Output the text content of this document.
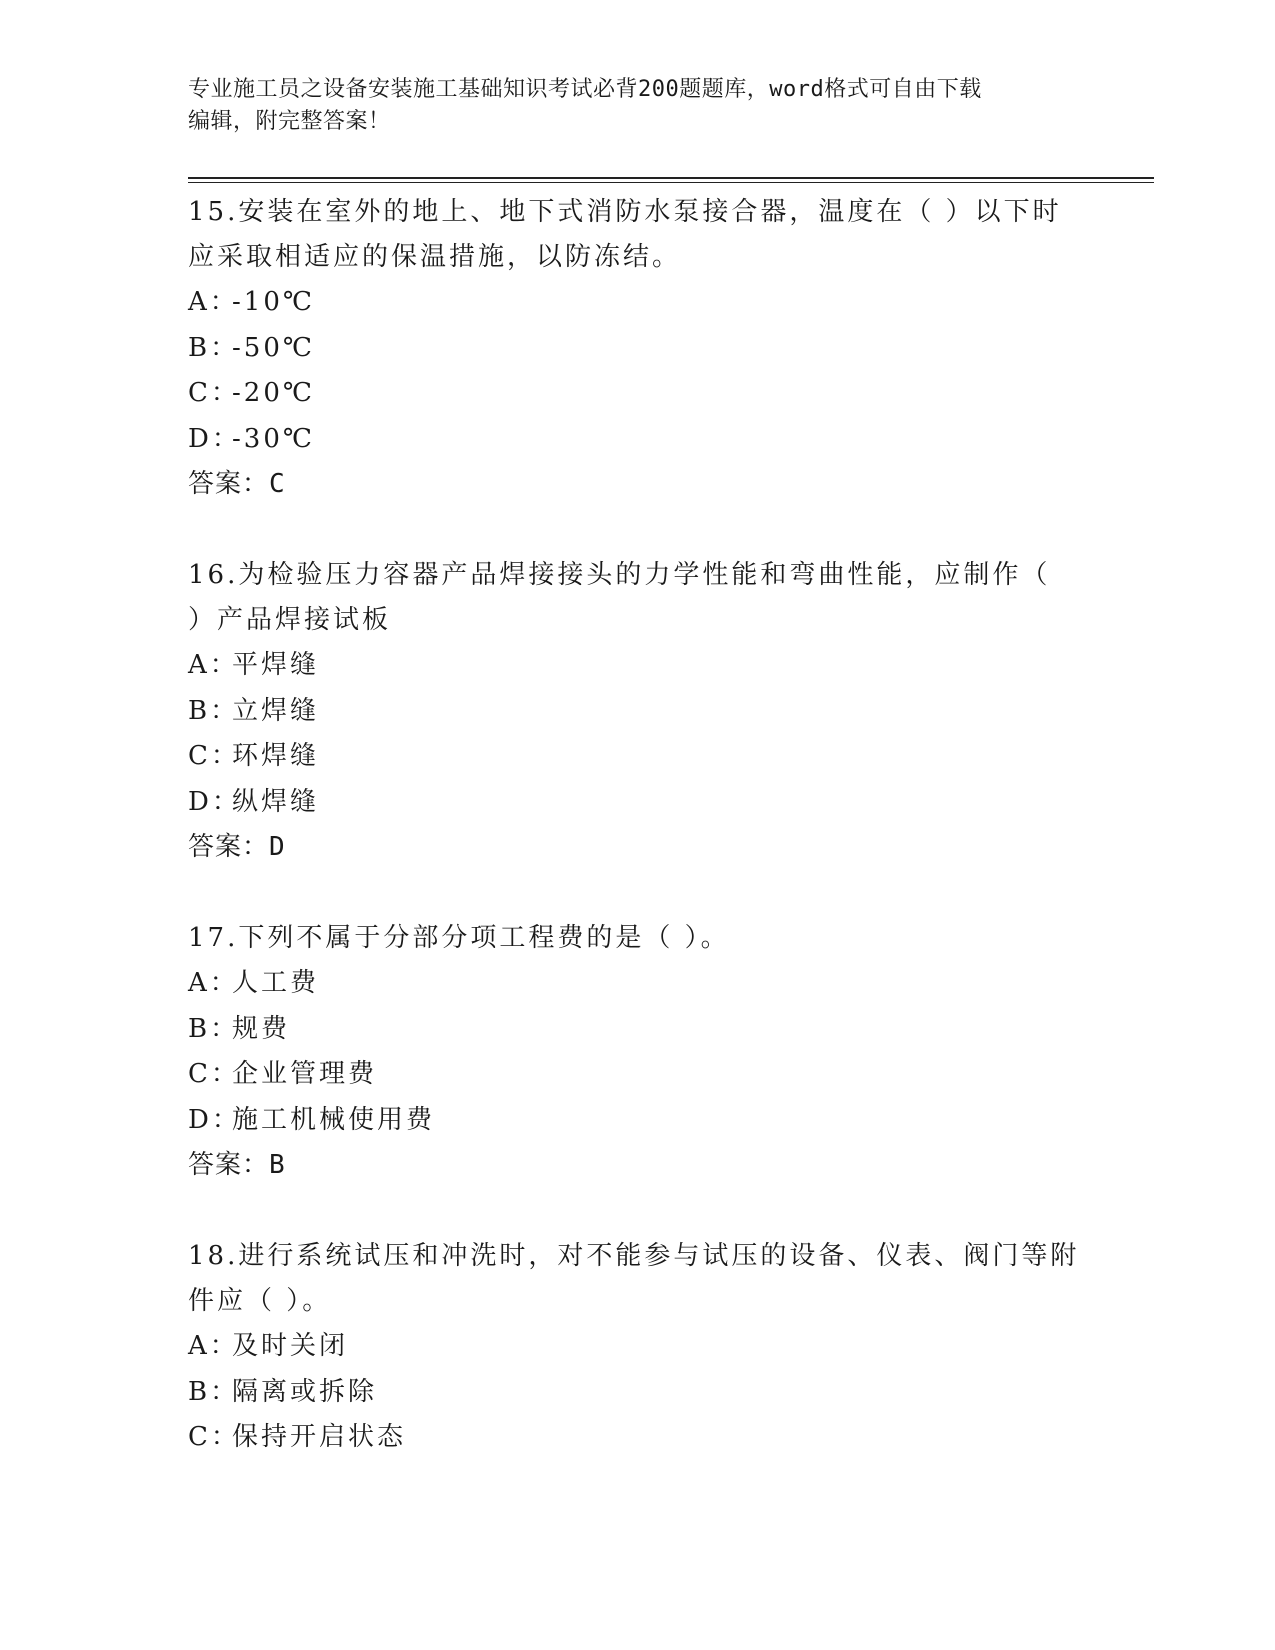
专业施工员之设备安装施工基础知识考试必背200题题库，word格式可自由下载
编辑，附完整答案！

15.安装在室外的地上、地下式消防水泵接合器，温度在（ ）以下时

应采取相适应的保温措施，以防冻结。

A：
-10℃
B：
-50℃
C：
-20℃
D：
-30℃

答案：C

16.为检验压力容器产品焊接接头的力学性能和弯曲性能，应制作（

）产品焊接试板

A：
平焊缝
B：
立焊缝
C：
环焊缝
D：
纵焊缝

答案：D

17.下列不属于分部分项工程费的是（ ）。

A：
人工费
B：
规费
C：
企业管理费
D：
施工机械使用费

答案：B

18.进行系统试压和冲洗时，对不能参与试压的设备、仪表、阀门等附

件应（ ）。

A：
及时关闭
B：
隔离或拆除
C：
保持开启状态
